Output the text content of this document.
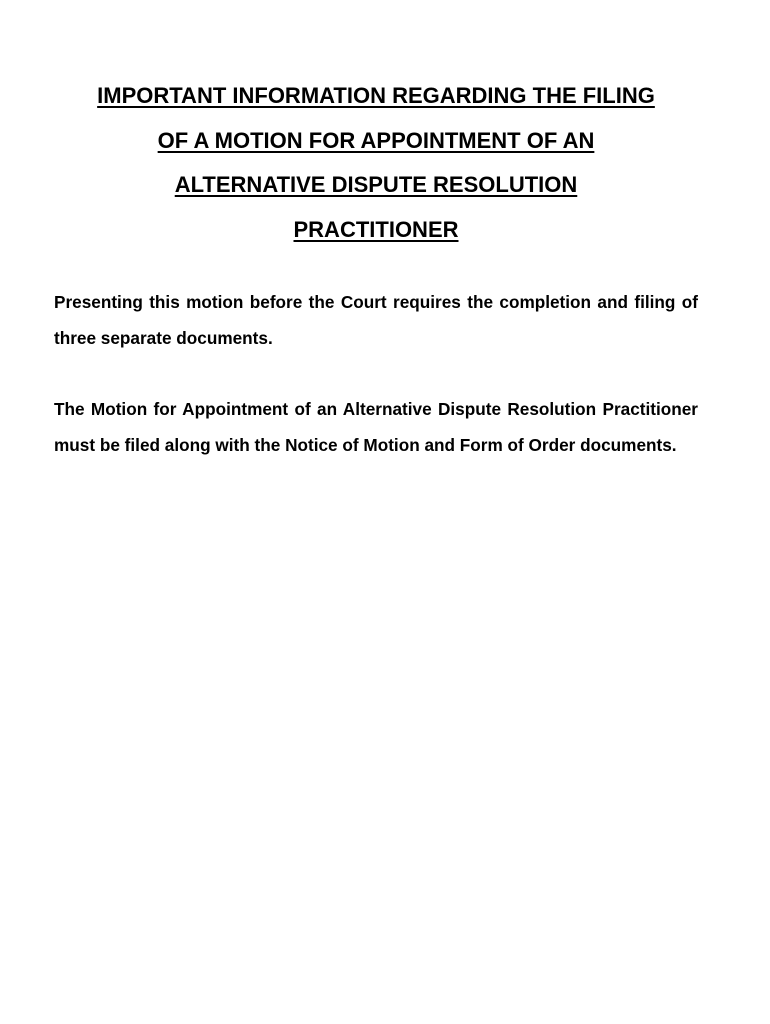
IMPORTANT INFORMATION REGARDING THE FILING
OF A MOTION FOR APPOINTMENT OF AN
ALTERNATIVE DISPUTE RESOLUTION
PRACTITIONER

Presenting this motion before the Court requires the completion and filing of three separate documents.

The Motion for Appointment of an Alternative Dispute Resolution Practitioner must be filed along with the Notice of Motion and Form of Order documents.
